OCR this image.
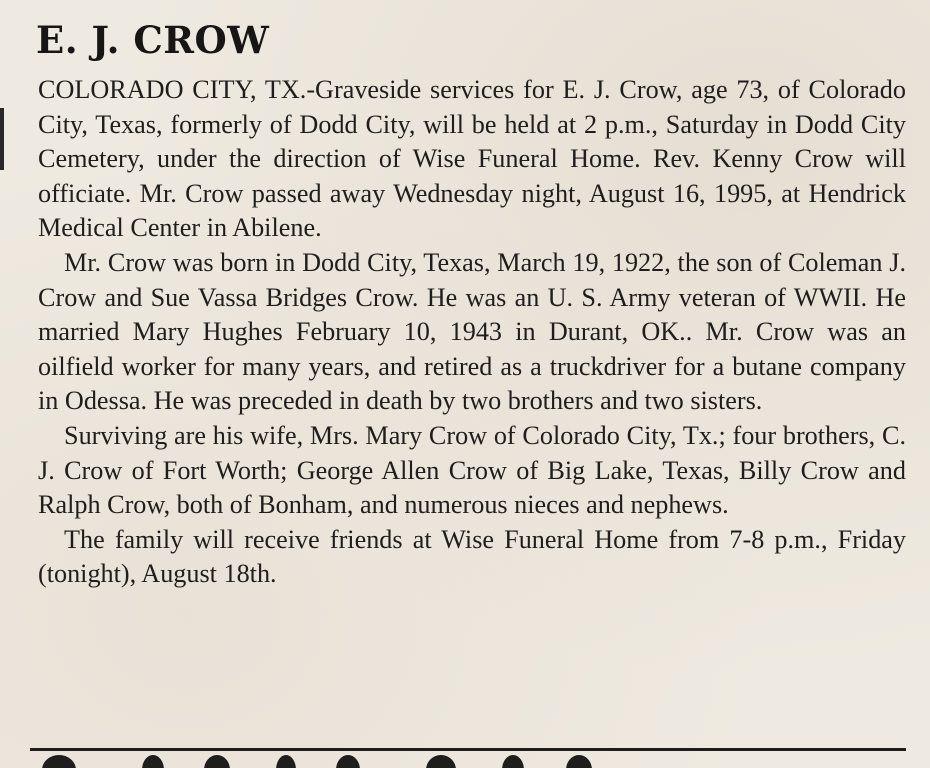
E. J. CROW

COLORADO CITY, TX.-Graveside services for E. J. Crow, age 73, of Colorado City, Texas, formerly of Dodd City, will be held at 2 p.m., Saturday in Dodd City Cemetery, under the direction of Wise Funeral Home. Rev. Kenny Crow will officiate. Mr. Crow passed away Wednesday night, August 16, 1995, at Hendrick Medical Center in Abilene.

Mr. Crow was born in Dodd City, Texas, March 19, 1922, the son of Coleman J. Crow and Sue Vassa Bridges Crow. He was an U. S. Army veteran of WWII. He married Mary Hughes February 10, 1943 in Durant, OK.. Mr. Crow was an oilfield worker for many years, and retired as a truckdriver for a butane company in Odessa. He was preceded in death by two brothers and two sisters.

Surviving are his wife, Mrs. Mary Crow of Colorado City, Tx.; four brothers, C. J. Crow of Fort Worth; George Allen Crow of Big Lake, Texas, Billy Crow and Ralph Crow, both of Bonham, and numerous nieces and nephews.

The family will receive friends at Wise Funeral Home from 7-8 p.m., Friday (tonight), August 18th.
